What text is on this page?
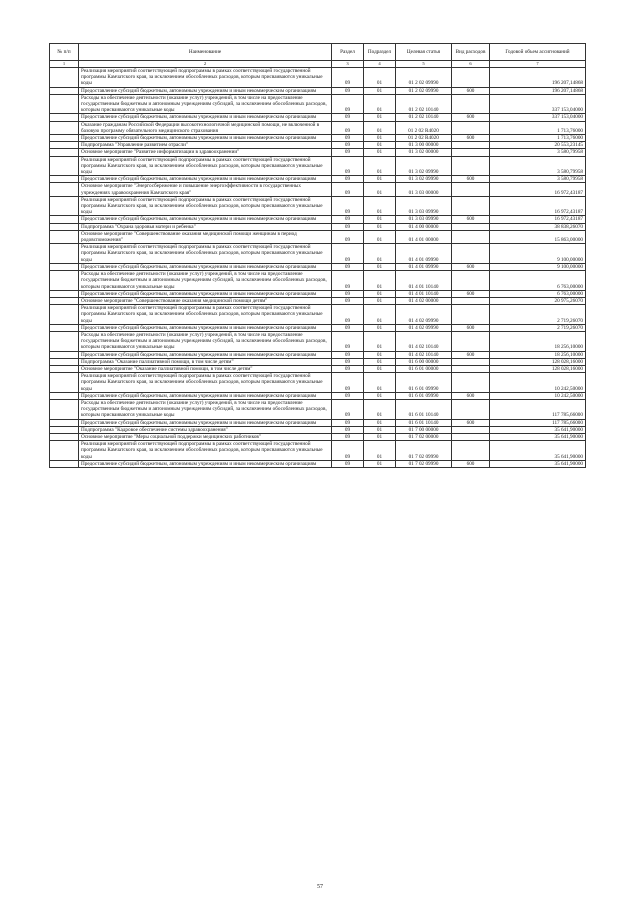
№ п/п	Наименование	Раздел	Подраздел	Целевая статья	Вид расходов	Годовой объем ассигнований
1	2	3	4	5	6	7
	Реализация мероприятий соответствующей подпрограммы в рамках соответствующей государственной программы Камчатского края, за исключением обособленных расходов, которым присваиваются уникальные коды	09	01	01 2 02 09990		196 207,14868
	Предоставление субсидий бюджетным, автономным учреждениям и иным некоммерческим организациям	09	01	01 2 02 09990	600	196 207,14868
	Расходы на обеспечение деятельности (оказание услуг) учреждений, в том числе на предоставление государственным бюджетным и автономным учреждениям субсидий, за исключением обособленных расходов, которым присваиваются уникальные коды	09	01	01 2 02 10140		337 153,04000
	Предоставление субсидий бюджетным, автономным учреждениям и иным некоммерческим организациям	09	01	01 2 02 10140	600	337 153,04000
	Оказание гражданам Российской Федерации высокотехнологичной медицинской помощи, не включенной в базовую программу обязательного медицинского страхования	09	01	01 2 02 R4020		1 713,76000
	Предоставление субсидий бюджетным, автономным учреждениям и иным некоммерческим организациям	09	01	01 2 02 R4020	600	1 713,76000
	Подпрограмма "Управление развитием отрасли"	09	01	01 3 00 00000		20 553,23145
	Основное мероприятие "Развитие информатизации в здравоохранении"	09	01	01 3 02 00000		3 580,79958
	Реализация мероприятий соответствующей подпрограммы в рамках соответствующей государственной программы Камчатского края, за исключением обособленных расходов, которым присваиваются уникальные коды	09	01	01 3 02 09990		3 580,79958
	Предоставление субсидий бюджетным, автономным учреждениям и иным некоммерческим организациям	09	01	01 3 02 09990	600	3 580,79958
	Основное мероприятие "Энергосбережение и повышение энергоэффективности в государственных учреждениях здравоохранения Камчатского края"	09	01	01 3 03 00000		16 972,43187
	Реализация мероприятий соответствующей подпрограммы в рамках соответствующей государственной программы Камчатского края, за исключением обособленных расходов, которым присваиваются уникальные коды	09	01	01 3 03 09990		16 972,43187
	Предоставление субсидий бюджетным, автономным учреждениям и иным некоммерческим организациям	09	01	01 3 03 09990	600	16 972,43187
	Подпрограмма "Охрана здоровья матери и ребенка"	09	01	01 4 00 00000		38 838,26070
	Основное мероприятие "Совершенствование оказания медицинской помощи женщинам в период родовспоможения"	09	01	01 4 01 00000		15 863,00000
	Реализация мероприятий соответствующей подпрограммы в рамках соответствующей государственной программы Камчатского края, за исключением обособленных расходов, которым присваиваются уникальные коды	09	01	01 4 01 09990		9 100,00000
	Предоставление субсидий бюджетным, автономным учреждениям и иным некоммерческим организациям	09	01	01 4 01 09990	600	9 100,00000
	Расходы на обеспечение деятельности (оказание услуг) учреждений, в том числе на предоставление государственным бюджетным и автономным учреждениям субсидий, за исключением обособленных расходов, которым присваиваются уникальные коды	09	01	01 4 01 10140		6 763,00000
	Предоставление субсидий бюджетным, автономным учреждениям и иным некоммерческим организациям	09	01	01 4 01 10140	600	6 763,00000
	Основное мероприятие "Совершенствование оказания медицинской помощи детям"	09	01	01 4 02 00000		20 975,26070
	Реализация мероприятий соответствующей подпрограммы в рамках соответствующей государственной программы Камчатского края, за исключением обособленных расходов, которым присваиваются уникальные коды	09	01	01 4 02 09990		2 719,26070
	Предоставление субсидий бюджетным, автономным учреждениям и иным некоммерческим организациям	09	01	01 4 02 09990	600	2 719,26070
	Расходы на обеспечение деятельности (оказание услуг) учреждений, в том числе на предоставление государственным бюджетным и автономным учреждениям субсидий, за исключением обособленных расходов, которым присваиваются уникальные коды	09	01	01 4 02 10140		18 256,10000
	Предоставление субсидий бюджетным, автономным учреждениям и иным некоммерческим организациям	09	01	01 4 02 10140	600	18 256,10000
	Подпрограмма "Оказание паллиативной помощи, в том числе детям"	09	01	01 6 00 00000		128 028,16000
	Основное мероприятие "Оказание паллиативной помощи, в том числе детям"	09	01	01 6 01 00000		128 028,16000
	Реализация мероприятий соответствующей подпрограммы в рамках соответствующей государственной программы Камчатского края, за исключением обособленных расходов, которым присваиваются уникальные коды	09	01	01 6 01 09990		10 242,50000
	Предоставление субсидий бюджетным, автономным учреждениям и иным некоммерческим организациям	09	01	01 6 01 09990	600	10 242,50000
	Расходы на обеспечение деятельности (оказание услуг) учреждений, в том числе на предоставление государственным бюджетным и автономным учреждениям субсидий, за исключением обособленных расходов, которым присваиваются уникальные коды	09	01	01 6 01 10140		117 785,66000
	Предоставление субсидий бюджетным, автономным учреждениям и иным некоммерческим организациям	09	01	01 6 01 10140	600	117 785,66000
	Подпрограмма "Кадровое обеспечение системы здравоохранения"	09	01	01 7 00 00000		35 641,90000
	Основное мероприятие "Меры социальной поддержки медицинских работников"	09	01	01 7 02 00000		35 641,90000
	Реализация мероприятий соответствующей подпрограммы в рамках соответствующей государственной программы Камчатского края, за исключением обособленных расходов, которым присваиваются уникальные коды	09	01	01 7 02 09990		35 641,90000
	Предоставление субсидий бюджетным, автономным учреждениям и иным некоммерческим организациям	09	01	01 7 02 09990	600	35 641,90000
57
